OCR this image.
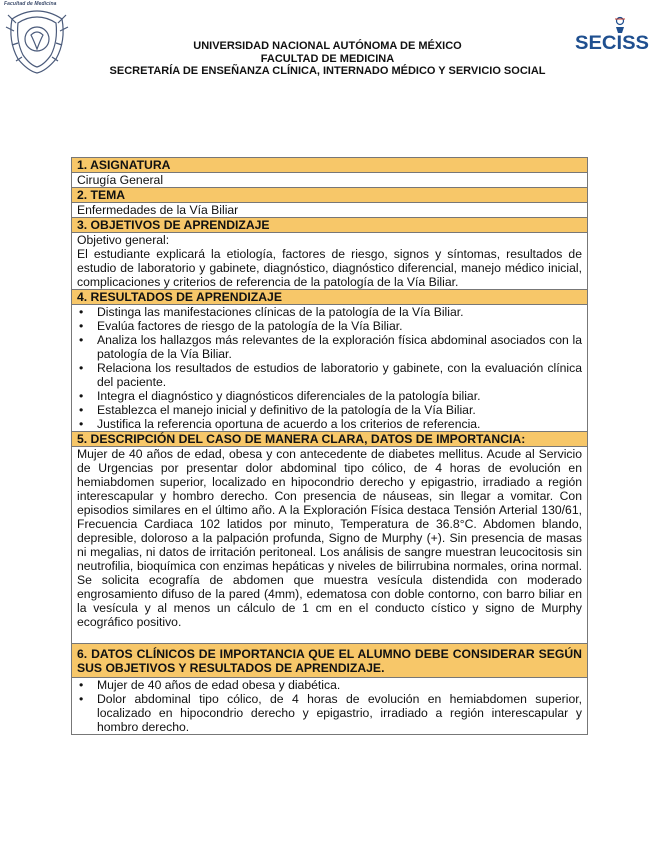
Facultad de Medicina
UNIVERSIDAD NACIONAL AUTÓNOMA DE MÉXICO
FACULTAD DE MEDICINA
SECRETARÍA DE ENSEÑANZA CLÍNICA, INTERNADO MÉDICO Y SERVICIO SOCIAL
SECISS
1. ASIGNATURA
Cirugía General
2. TEMA
Enfermedades de la Vía Biliar
3. OBJETIVOS DE APRENDIZAJE
Objetivo general:
El estudiante explicará la etiología, factores de riesgo, signos y síntomas, resultados de estudio de laboratorio y gabinete, diagnóstico, diagnóstico diferencial, manejo médico inicial, complicaciones y criterios de referencia de la patología de la Vía Biliar.
4. RESULTADOS DE APRENDIZAJE
• Distinga las manifestaciones clínicas de la patología de la Vía Biliar.
• Evalúa factores de riesgo de la patología de la Vía Biliar.
• Analiza los hallazgos más relevantes de la exploración física abdominal asociados con la patología de la Vía Biliar.
• Relaciona los resultados de estudios de laboratorio y gabinete, con la evaluación clínica del paciente.
• Integra el diagnóstico y diagnósticos diferenciales de la patología biliar.
• Establezca el manejo inicial y definitivo de la patología de la Vía Biliar.
• Justifica la referencia oportuna de acuerdo a los criterios de referencia.
5. DESCRIPCIÓN DEL CASO DE MANERA CLARA, DATOS DE IMPORTANCIA:
Mujer de 40 años de edad, obesa y con antecedente de diabetes mellitus. Acude al Servicio de Urgencias por presentar dolor abdominal tipo cólico, de 4 horas de evolución en hemiabdomen superior, localizado en hipocondrio derecho y epigastrio, irradiado a región interescapular y hombro derecho. Con presencia de náuseas, sin llegar a vomitar. Con episodios similares en el último año. A la Exploración Física destaca Tensión Arterial 130/61, Frecuencia Cardiaca 102 latidos por minuto, Temperatura de 36.8°C. Abdomen blando, depresible, doloroso a la palpación profunda, Signo de Murphy (+). Sin presencia de masas ni megalias, ni datos de irritación peritoneal. Los análisis de sangre muestran leucocitosis sin neutrofilia, bioquímica con enzimas hepáticas y niveles de bilirrubina normales, orina normal. Se solicita ecografía de abdomen que muestra vesícula distendida con moderado engrosamiento difuso de la pared (4mm), edematosa con doble contorno, con barro biliar en la vesícula y al menos un cálculo de 1 cm en el conducto cístico y signo de Murphy ecográfico positivo.
6. DATOS CLÍNICOS DE IMPORTANCIA QUE EL ALUMNO DEBE CONSIDERAR SEGÚN SUS OBJETIVOS Y RESULTADOS DE APRENDIZAJE.
• Mujer de 40 años de edad obesa y diabética.
• Dolor abdominal tipo cólico, de 4 horas de evolución en hemiabdomen superior, localizado en hipocondrio derecho y epigastrio, irradiado a región interescapular y hombro derecho.
